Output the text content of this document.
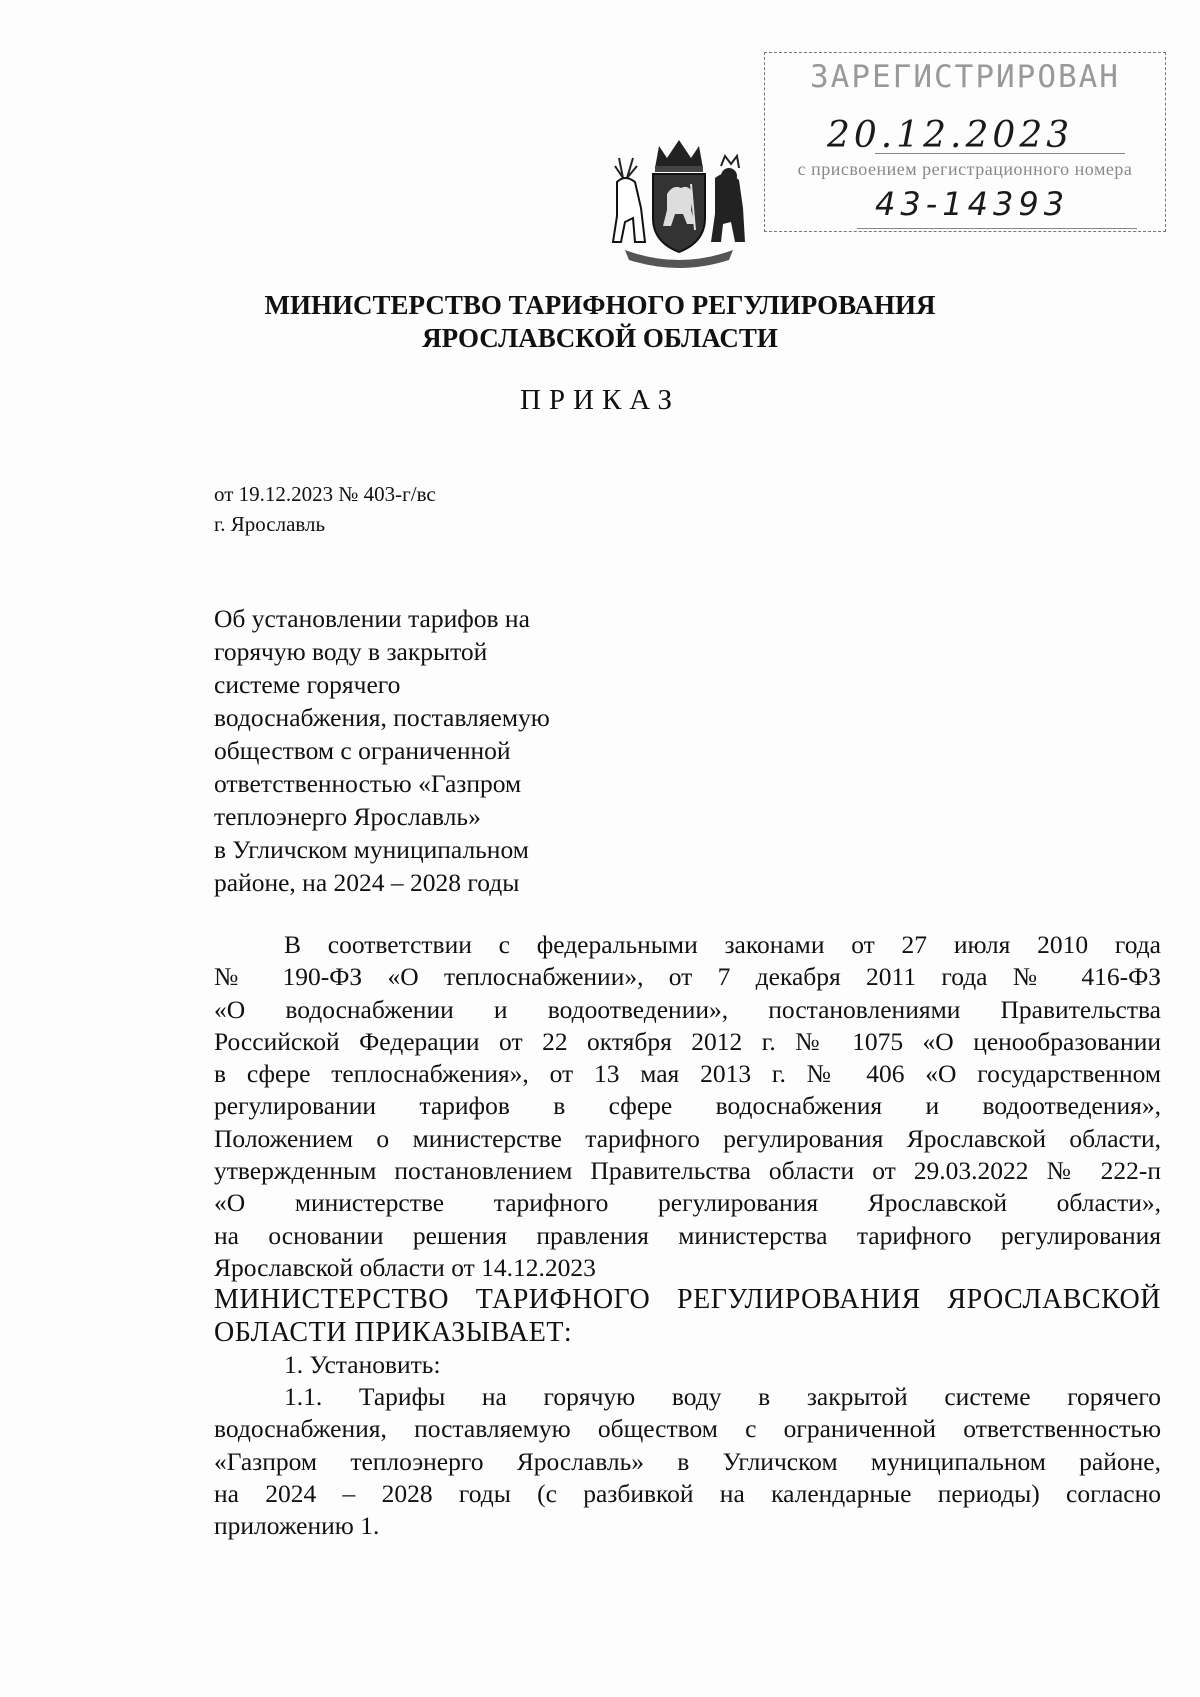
ЗАРЕГИСТРИРОВАН
20.12.2023
с присвоением регистрационного номера
43-14393
МИНИСТЕРСТВО ТАРИФНОГО РЕГУЛИРОВАНИЯ
ЯРОСЛАВСКОЙ ОБЛАСТИ
ПРИКАЗ
от 19.12.2023 № 403-г/вс
г. Ярославль
Об установлении тарифов на
горячую воду в закрытой
системе горячего
водоснабжения, поставляемую
обществом с ограниченной
ответственностью «Газпром
теплоэнерго Ярославль»
в Угличском муниципальном
районе, на 2024 – 2028 годы
В соответствии с федеральными законами от 27 июля 2010 года
№ 190-ФЗ «О теплоснабжении», от 7 декабря 2011 года № 416-ФЗ
«О водоснабжении и водоотведении», постановлениями Правительства
Российской Федерации от 22 октября 2012 г. № 1075 «О ценообразовании
в сфере теплоснабжения», от 13 мая 2013 г. № 406 «О государственном
регулировании тарифов в сфере водоснабжения и водоотведения»,
Положением о министерстве тарифного регулирования Ярославской области,
утвержденным постановлением Правительства области от 29.03.2022 № 222-п
«О министерстве тарифного регулирования Ярославской области»,
на основании решения правления министерства тарифного регулирования
Ярославской области от 14.12.2023
МИНИСТЕРСТВО ТАРИФНОГО РЕГУЛИРОВАНИЯ ЯРОСЛАВСКОЙ
ОБЛАСТИ ПРИКАЗЫВАЕТ:
1. Установить:
1.1. Тарифы на горячую воду в закрытой системе горячего
водоснабжения, поставляемую обществом с ограниченной ответственностью
«Газпром теплоэнерго Ярославль» в Угличском муниципальном районе,
на 2024 – 2028 годы (с разбивкой на календарные периоды) согласно
приложению 1.
